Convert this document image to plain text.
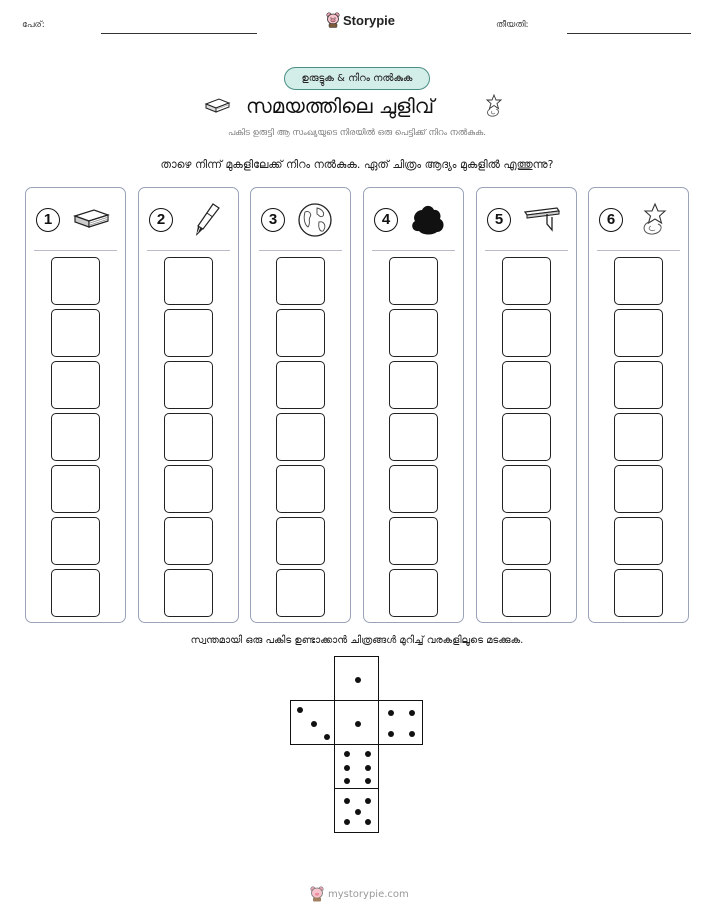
പേര്:	Storypie	തീയതി:
ഉരുട്ടുക & നിറം നൽകുക
സമയത്തിലെ ചുളിവ്
പകിട ഉരുട്ടി ആ സംഖ്യയുടെ നിരയിൽ ഒരു പെട്ടിക്ക് നിറം നൽകുക.
താഴെ നിന്ന് മുകളിലേക്ക് നിറം നൽകുക. ഏത് ചിത്രം ആദ്യം മുകളിൽ എത്തുന്നു?
1	2	3	4	5	6
സ്വന്തമായി ഒരു പകിട ഉണ്ടാക്കാൻ ചിത്രങ്ങൾ മുറിച്ച് വരകളിലൂടെ മടക്കുക.
mystorypie.com
